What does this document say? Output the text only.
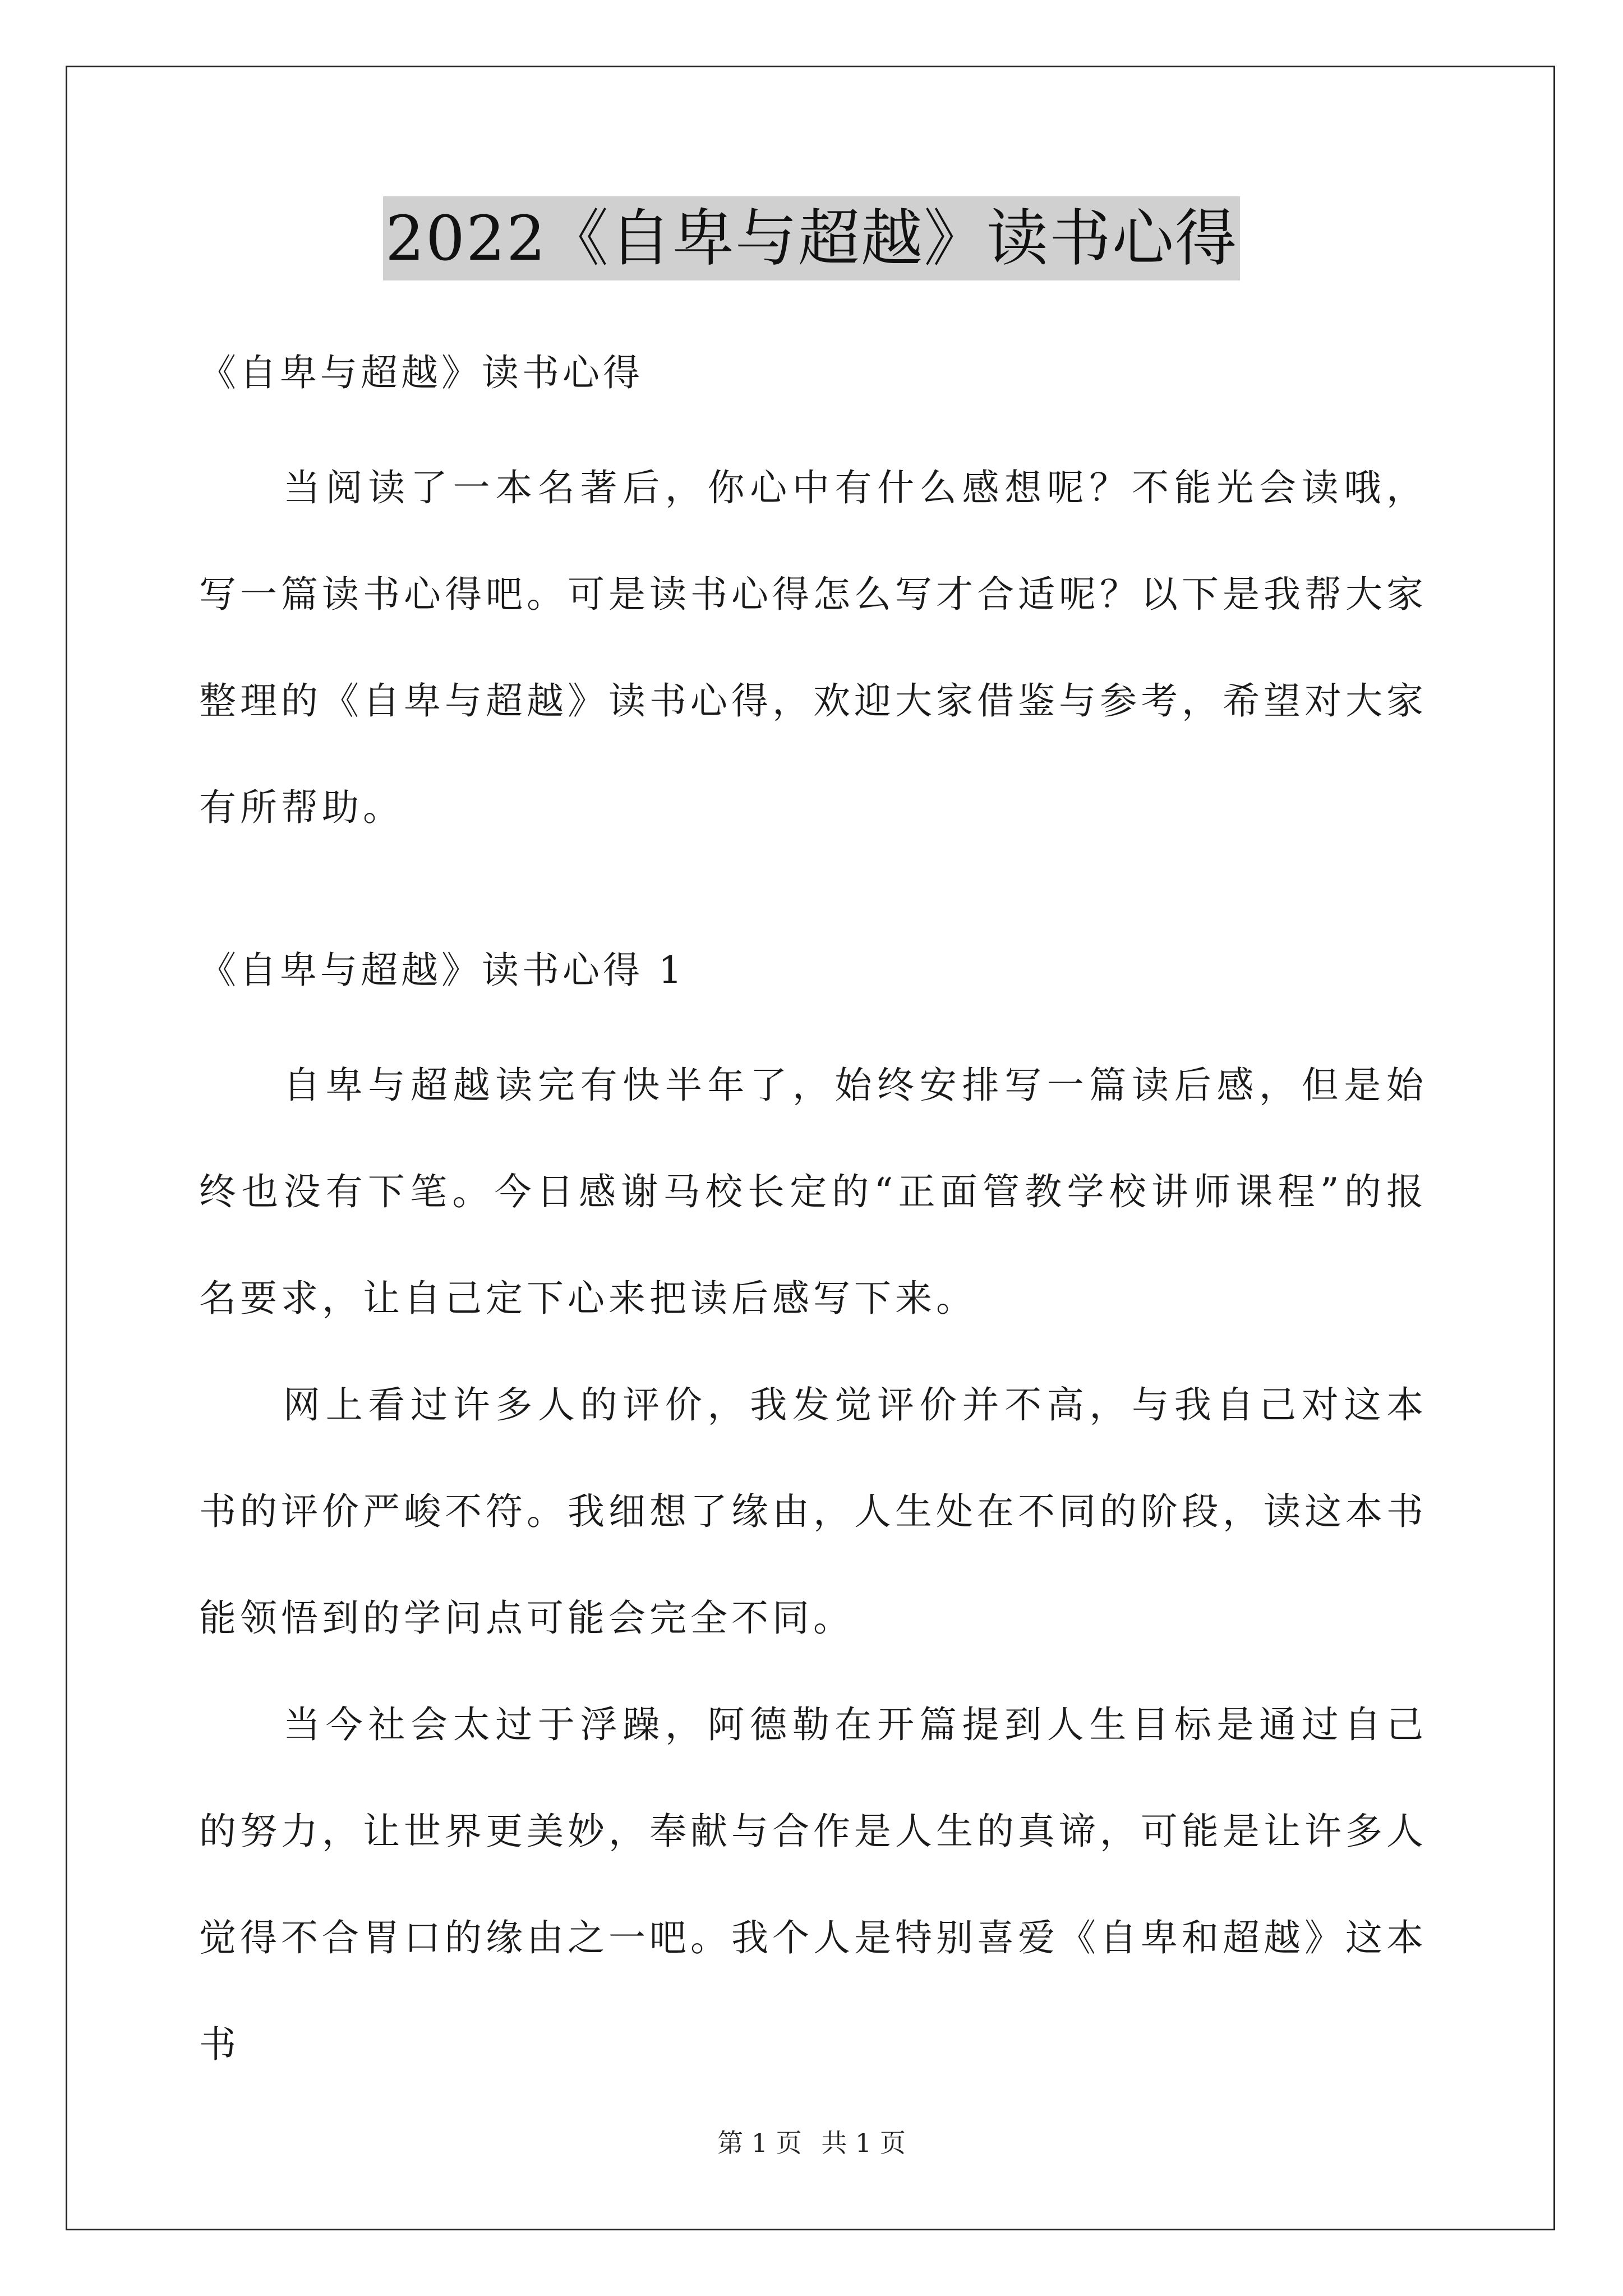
2022《自卑与超越》读书心得

《自卑与超越》读书心得

当阅读了一本名著后，你心中有什么感想呢？不能光会读哦，写一篇读书心得吧。可是读书心得怎么写才合适呢？以下是我帮大家整理的《自卑与超越》读书心得，欢迎大家借鉴与参考，希望对大家有所帮助。

《自卑与超越》读书心得 1

自卑与超越读完有快半年了，始终安排写一篇读后感，但是始终也没有下笔。今日感谢马校长定的“正面管教学校讲师课程”的报名要求，让自己定下心来把读后感写下来。

网上看过许多人的评价，我发觉评价并不高，与我自己对这本书的评价严峻不符。我细想了缘由，人生处在不同的阶段，读这本书能领悟到的学问点可能会完全不同。

当今社会太过于浮躁，阿德勒在开篇提到人生目标是通过自己的努力，让世界更美妙，奉献与合作是人生的真谛，可能是让许多人觉得不合胃口的缘由之一吧。我个人是特别喜爱《自卑和超越》这本书

第 1 页 共 1 页
